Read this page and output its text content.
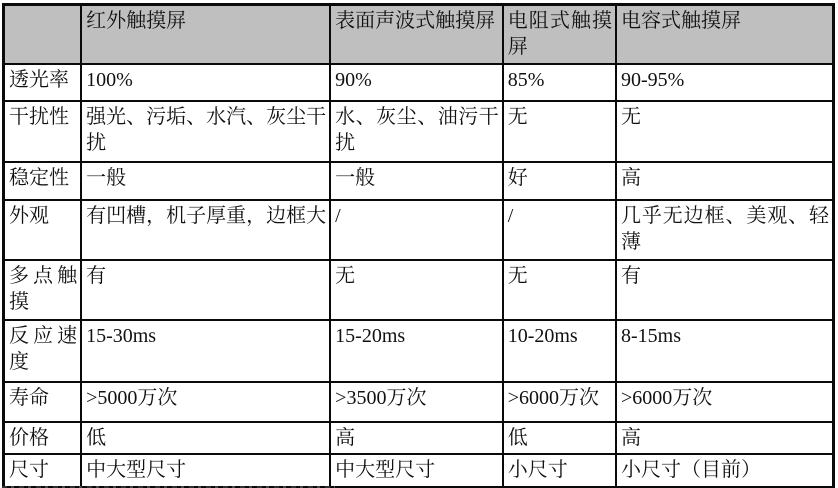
	红外触摸屏	表面声波式触摸屏	电阻式触摸屏	电容式触摸屏
透光率	100%	90%	85%	90-95%
干扰性	强光、污垢、水汽、灰尘干扰	水、灰尘、油污干扰	无	无
稳定性	一般	一般	好	高
外观	有凹槽，机子厚重，边框大	/	/	几乎无边框、美观、轻薄
多点触摸	有	无	无	有
反应速度	15-30ms	15-20ms	10-20ms	8-15ms
寿命	>5000万次	>3500万次	>6000万次	>6000万次
价格	低	高	低	高
尺寸	中大型尺寸	中大型尺寸	小尺寸	小尺寸（目前）
